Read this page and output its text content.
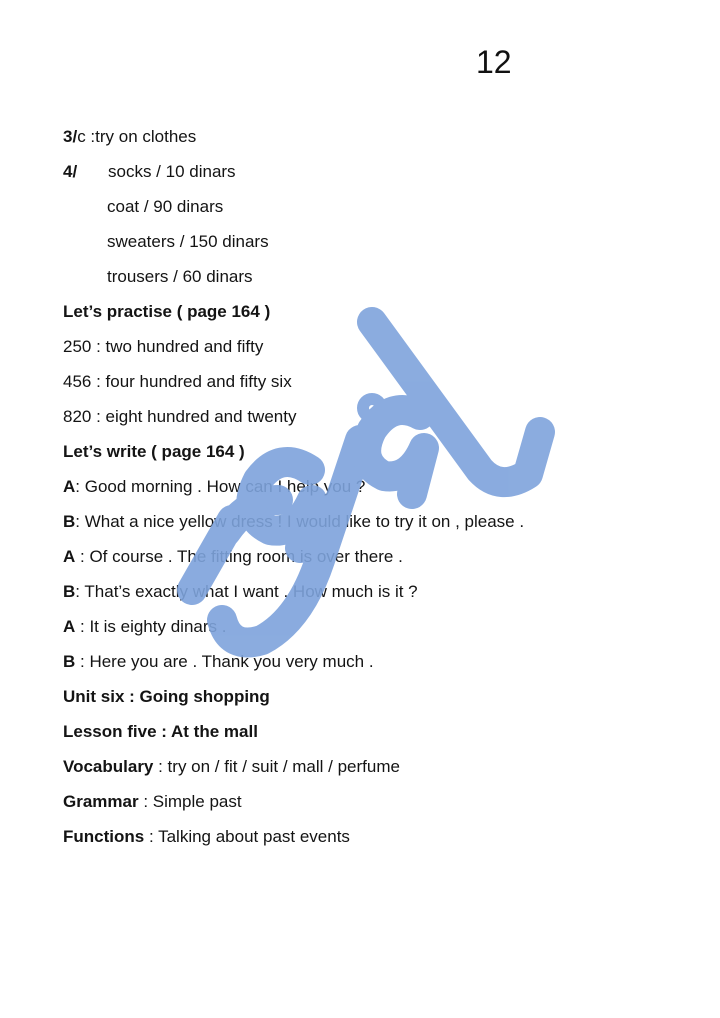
12
3/c :try on clothes
4/ socks / 10 dinars
coat / 90 dinars
sweaters / 150 dinars
trousers / 60 dinars
Let’s practise ( page 164 )
250 : two hundred and fifty
456 : four hundred and fifty six
820 : eight hundred and twenty
Let’s write ( page 164 )
A: Good morning . How can I help you ?
B: What a nice yellow dress ! I would like to try it on , please .
A : Of course . The fitting room is over there .
B: That’s exactly what I want . How much is it ?
A : It is eighty dinars .
B : Here you are . Thank you very much .
Unit six : Going shopping
Lesson five : At the mall
Vocabulary : try on / fit / suit / mall / perfume
Grammar : Simple past
Functions : Talking about past events
